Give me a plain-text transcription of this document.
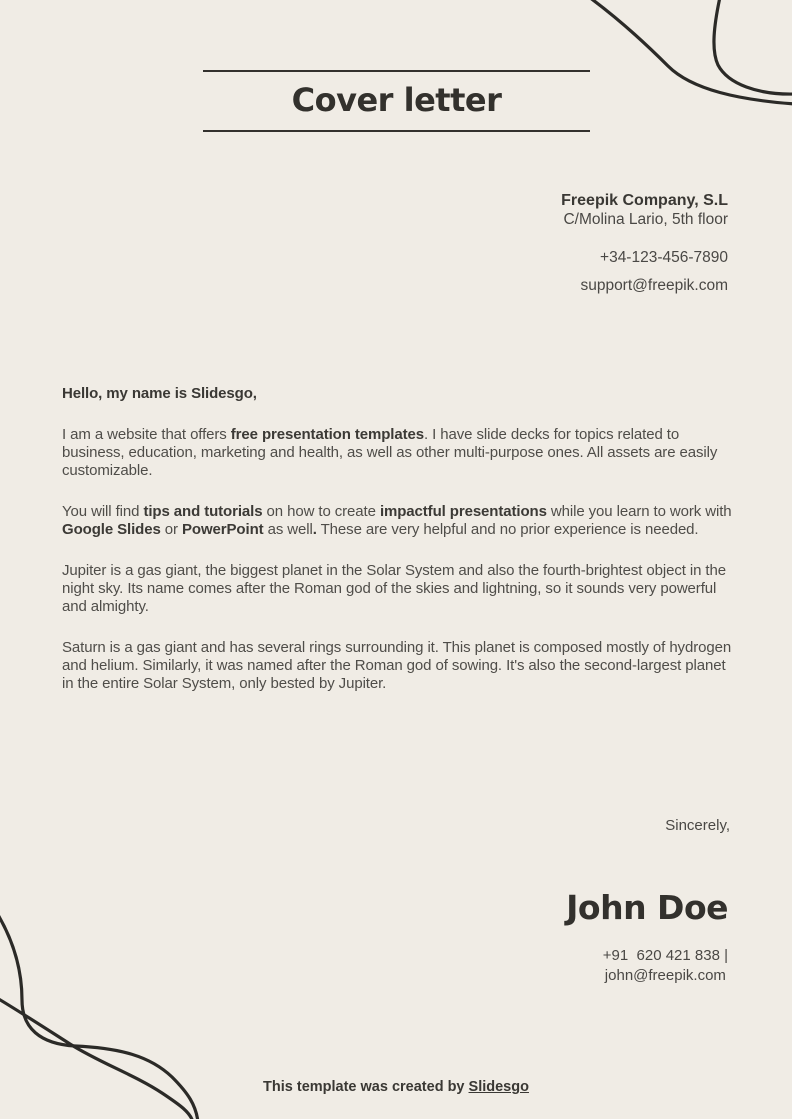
Cover letter
Freepik Company, S.L
C/Molina Lario, 5th floor
+34-123-456-7890
support@freepik.com

Hello, my name is Slidesgo,

I am a website that offers free presentation templates. I have slide decks for topics related to business, education, marketing and health, as well as other multi-purpose ones. All assets are easily customizable.

You will find tips and tutorials on how to create impactful presentations while you learn to work with Google Slides or PowerPoint as well. These are very helpful and no prior experience is needed.

Jupiter is a gas giant, the biggest planet in the Solar System and also the fourth-brightest object in the night sky. Its name comes after the Roman god of the skies and lightning, so it sounds very powerful and almighty.

Saturn is a gas giant and has several rings surrounding it. This planet is composed mostly of hydrogen and helium. Similarly, it was named after the Roman god of sowing. It's also the second-largest planet in the entire Solar System, only bested by Jupiter.

Sincerely,
John Doe
+91  620 421 838 |
john@freepik.com
This template was created by Slidesgo
